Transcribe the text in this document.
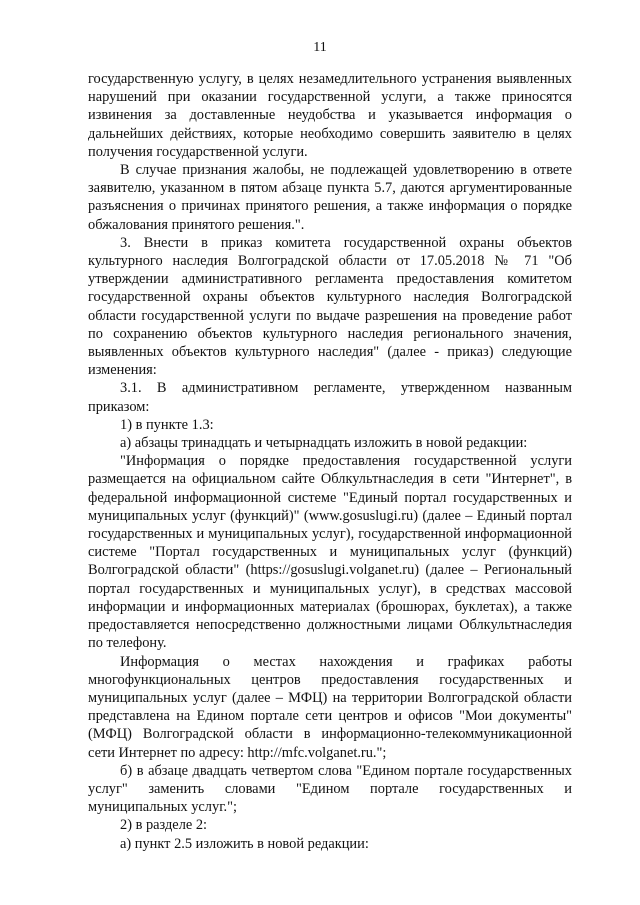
11

государственную услугу, в целях незамедлительного устранения выявленных нарушений при оказании государственной услуги, а также приносятся извинения за доставленные неудобства и указывается информация о дальнейших действиях, которые необходимо совершить заявителю в целях получения государственной услуги.

В случае признания жалобы, не подлежащей удовлетворению в ответе заявителю, указанном в пятом абзаце пункта 5.7, даются аргументированные разъяснения о причинах принятого решения, а также информация о порядке обжалования принятого решения.".

3. Внести в приказ комитета государственной охраны объектов культурного наследия Волгоградской области от 17.05.2018 № 71 "Об утверждении административного регламента предоставления комитетом государственной охраны объектов культурного наследия Волгоградской области государственной услуги по выдаче разрешения на проведение работ по сохранению объектов культурного наследия регионального значения, выявленных объектов культурного наследия" (далее - приказ) следующие изменения:

3.1. В административном регламенте, утвержденном названным приказом:

1) в пункте 1.3:

а) абзацы тринадцать и четырнадцать изложить в новой редакции:

"Информация о порядке предоставления государственной услуги размещается на официальном сайте Облкультнаследия в сети "Интернет", в федеральной информационной системе "Единый портал государственных и муниципальных услуг (функций)" (www.gosuslugi.ru) (далее – Единый портал государственных и муниципальных услуг), государственной информационной системе "Портал государственных и муниципальных услуг (функций) Волгоградской области" (https://gosuslugi.volganet.ru) (далее – Региональный портал государственных и муниципальных услуг), в средствах массовой информации и информационных материалах (брошюрах, буклетах), а также предоставляется непосредственно должностными лицами Облкультнаследия по телефону.

Информация о местах нахождения и графиках работы многофункциональных центров предоставления государственных и муниципальных услуг (далее – МФЦ) на территории Волгоградской области представлена на Едином портале сети центров и офисов "Мои документы" (МФЦ) Волгоградской области в информационно-телекоммуникационной сети Интернет по адресу: http://mfc.volganet.ru.";

б) в абзаце двадцать четвертом слова "Едином портале государственных услуг" заменить словами "Едином портале государственных и муниципальных услуг.";

2) в разделе 2:

а) пункт 2.5 изложить в новой редакции:
